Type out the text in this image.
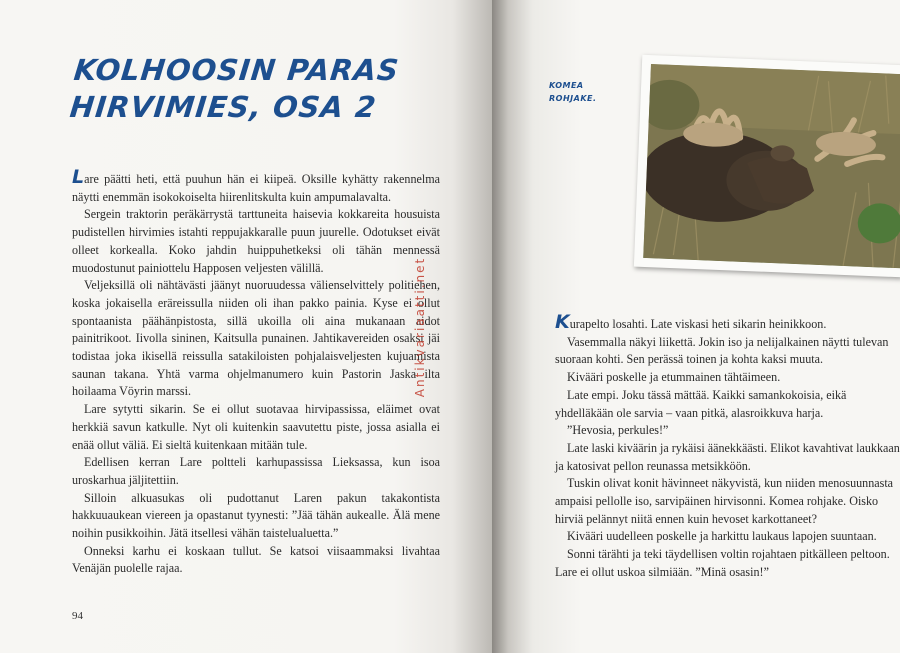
KOLHOOSIN PARAS HIRVIMIES, OSA 2

Lare päätti heti, että puuhun hän ei kiipeä. Oksille kyhätty rakennelma näytti enemmän isokokoiselta hiirenlitskulta kuin ampumalavalta.

Sergein traktorin peräkärrystä tarttuneita haisevia kokkareita housuista pudistellen hirvimies istahti reppujakkaralle puun juurelle. Odotukset eivät olleet korkealla. Koko jahdin huippuhetkeksi oli tähän mennessä muodostunut painiottelu Happosen veljesten välillä.

Veljeksillä oli nähtävästi jäänyt nuoruudessa välienselvittely politiehen, koska jokaisella eräreissulla niiden oli ihan pakko painia. Kyse ei ollut spontaanista päähänpistosta, sillä ukoilla oli aina mukanaan aidot painitrikoot. Iivolla sininen, Kaitsulla punainen. Jahtikavereiden osaksi jäi todistaa joka ikisellä reissulla satakiloisten pohjalaisveljesten kujuamista saunan takana. Yhtä varma ohjelmanumero kuin Pastorin Jaska ilta hoilaama Vöyrin marssi.

Lare sytytti sikarin. Se ei ollut suotavaa hirvipassissa, eläimet ovat herkkiä savun katkulle. Nyt oli kuitenkin saavutettu piste, jossa asialla ei enää ollut väliä. Ei sieltä kuitenkaan mitään tule.

Edellisen kerran Lare poltteli karhupassissa Lieksassa, kun isoa uroskarhua jäljitettiin.

Silloin alkuasukas oli pudottanut Laren pakun takakontista hakkuuaukean viereen ja opastanut tyynesti: ”Jää tähän aukealle. Älä mene noihin pusikkoihin. Jätä itsellesi vähän taistelualuetta.”

Onneksi karhu ei koskaan tullut. Se katsoi viisaammaksi livahtaa Venäjän puolelle rajaa.

94
Antikvariaatti.net
KOMEA ROHJAKE.

Kurapelto losahti. Late viskasi heti sikarin heinikkoon.

Vasemmalla näkyi liikettä. Jokin iso ja nelijalkainen näytti tulevan suoraan kohti. Sen perässä toinen ja kohta kaksi muuta.

Kivääri poskelle ja etummainen tähtäimeen.

Late empi. Joku tässä mättää. Kaikki samankokoisia, eikä yhdelläkään ole sarvia – vaan pitkä, alasroikkuva harja.

”Hevosia, perkules!”

Late laski kiväärin ja rykäisi äänekkäästi. Elikot kavahtivat laukkaan ja katosivat pellon reunassa metsikköön.

Tuskin olivat konit hävinneet näkyvistä, kun niiden menosuunnasta ampaisi pellolle iso, sarvipäinen hirvisonni. Komea rohjake. Oisko hirviä pelännyt niitä ennen kuin hevoset karkottaneet?

Kivääri uudelleen poskelle ja harkittu laukaus lapojen suuntaan.

Sonni tärähti ja teki täydellisen voltin rojahtaen pitkälleen peltoon. Lare ei ollut uskoa silmiään. ”Minä osasin!”
